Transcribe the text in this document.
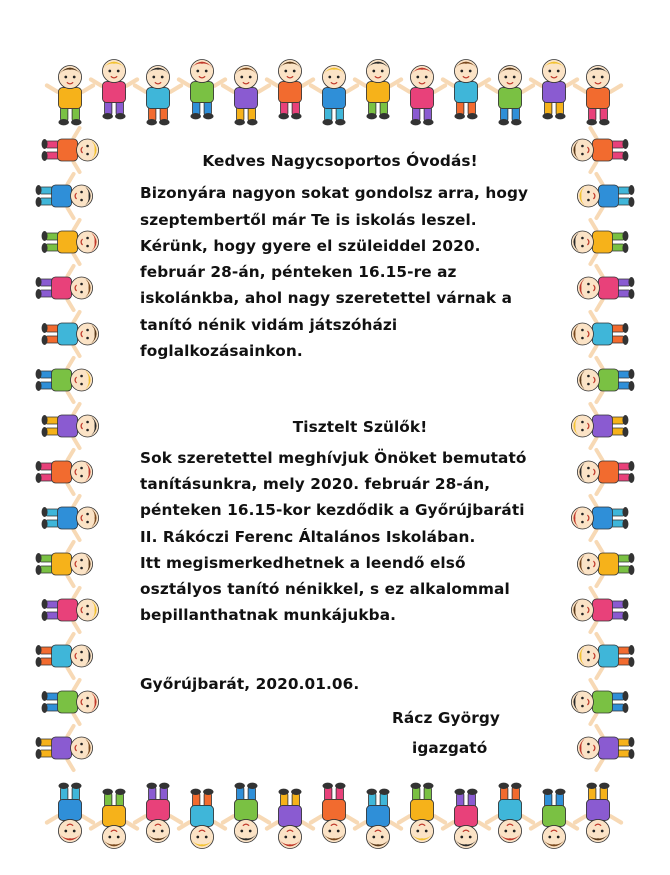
Kedves Nagycsoportos Óvodás!
Bizonyára nagyon sokat gondolsz arra, hogy
szeptembertől már Te is iskolás leszel.
Kérünk, hogy gyere el szüleiddel 2020.
február 28-án, pénteken 16.15-re az
iskolánkba, ahol nagy szeretettel várnak a
tanító nénik vidám játszóházi
foglalkozásainkon.
Tisztelt Szülők!
Sok szeretettel meghívjuk Önöket bemutató
tanításunkra, mely 2020. február 28-án,
pénteken 16.15-kor kezdődik a Győrújbaráti
II. Rákóczi Ferenc Általános Iskolában.
Itt megismerkedhetnek a leendő első
osztályos tanító nénikkel, s ez alkalommal
bepillanthatnak munkájukba.
Győrújbarát, 2020.01.06.
Rácz György
igazgató
